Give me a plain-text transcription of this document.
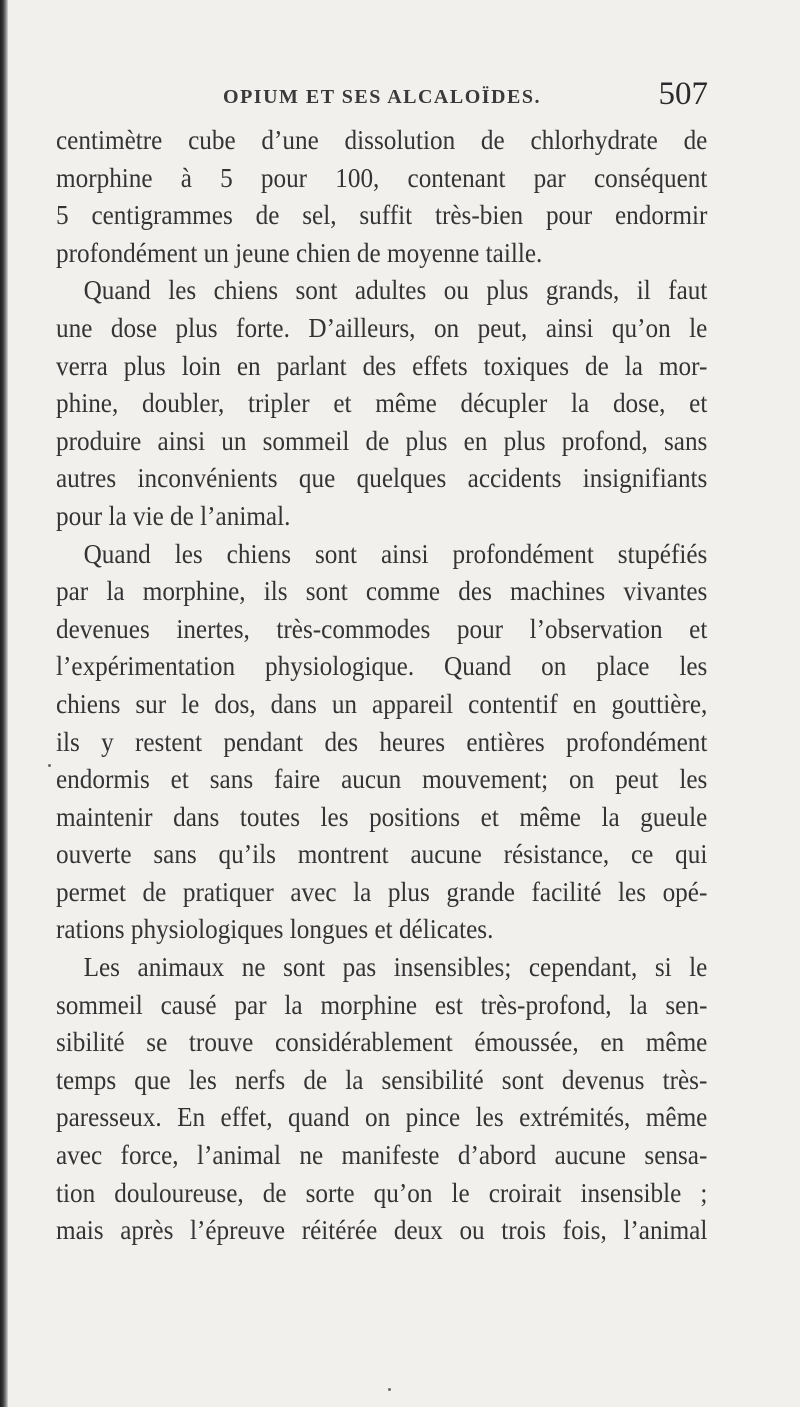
OPIUM ET SES ALCALOÏDES.	507
centimètre cube d’une dissolution de chlorhydrate de
morphine à 5 pour 100, contenant par conséquent
5 centigrammes de sel, suffit très-bien pour endormir
profondément un jeune chien de moyenne taille.
Quand les chiens sont adultes ou plus grands, il faut
une dose plus forte. D’ailleurs, on peut, ainsi qu’on le
verra plus loin en parlant des effets toxiques de la mor-
phine, doubler, tripler et même décupler la dose, et
produire ainsi un sommeil de plus en plus profond, sans
autres inconvénients que quelques accidents insignifiants
pour la vie de l’animal.
Quand les chiens sont ainsi profondément stupéfiés
par la morphine, ils sont comme des machines vivantes
devenues inertes, très-commodes pour l’observation et
l’expérimentation physiologique. Quand on place les
chiens sur le dos, dans un appareil contentif en gouttière,
ils y restent pendant des heures entières profondément
endormis et sans faire aucun mouvement; on peut les
maintenir dans toutes les positions et même la gueule
ouverte sans qu’ils montrent aucune résistance, ce qui
permet de pratiquer avec la plus grande facilité les opé-
rations physiologiques longues et délicates.
Les animaux ne sont pas insensibles; cependant, si le
sommeil causé par la morphine est très-profond, la sen-
sibilité se trouve considérablement émoussée, en même
temps que les nerfs de la sensibilité sont devenus très-
paresseux. En effet, quand on pince les extrémités, même
avec force, l’animal ne manifeste d’abord aucune sensa-
tion douloureuse, de sorte qu’on le croirait insensible ;
mais après l’épreuve réitérée deux ou trois fois, l’animal
